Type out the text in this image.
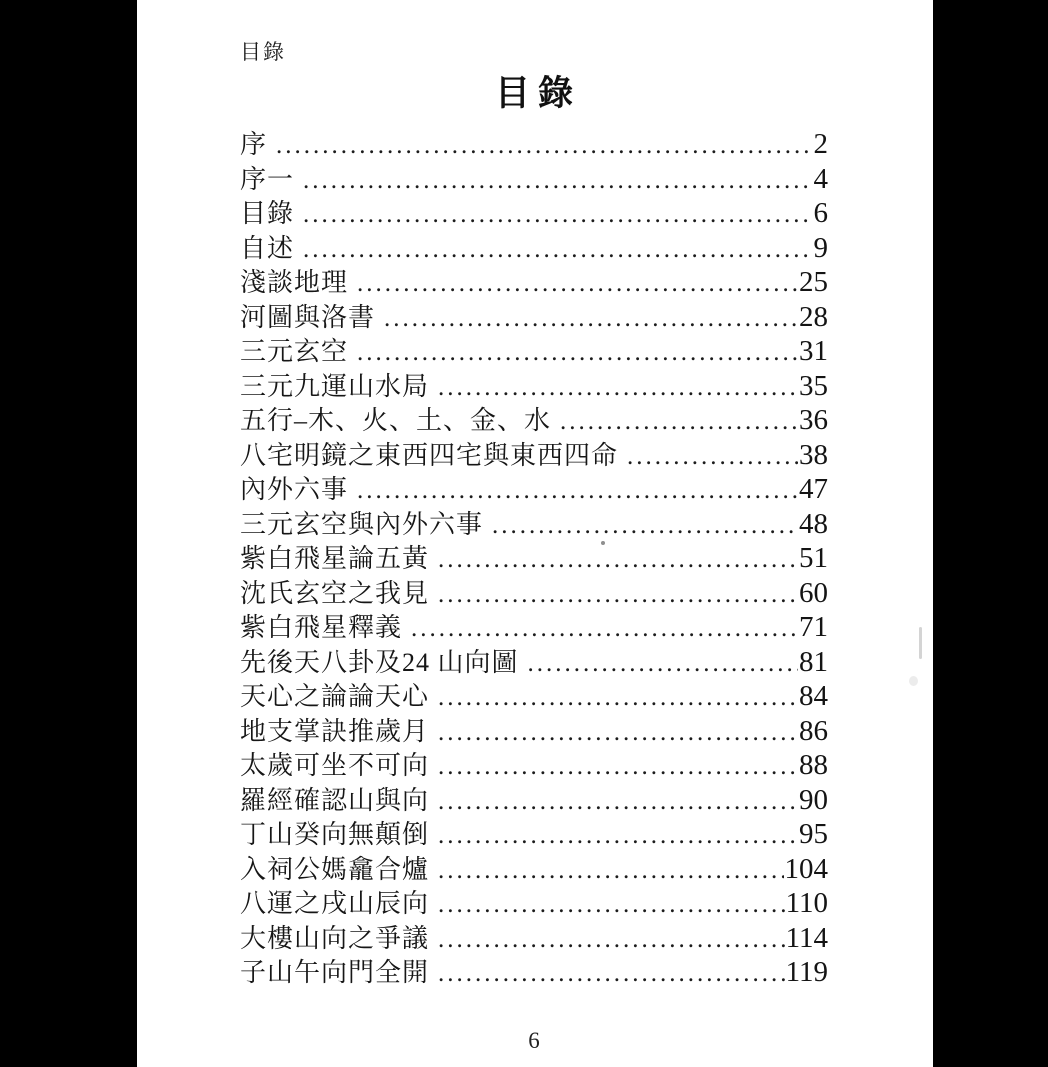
目錄
目錄
序 .....	2
序一 .....	4
目錄 .....	6
自述 .....	9
淺談地理 .....	25
河圖與洛書 .....	28
三元玄空 .....	31
三元九運山水局 .....	35
五行–木、火、土、金、水 .....	36
八宅明鏡之東西四宅與東西四命 .....	38
內外六事 .....	47
三元玄空與內外六事 .....	48
紫白飛星論五黃 .....	51
沈氏玄空之我見 .....	60
紫白飛星釋義 .....	71
先後天八卦及24 山向圖 .....	81
天心之論論天心 .....	84
地支掌訣推歲月 .....	86
太歲可坐不可向 .....	88
羅經確認山與向 .....	90
丁山癸向無顛倒 .....	95
入祠公媽龕合爐 .....	104
八運之戌山辰向 .....	110
大樓山向之爭議 .....	114
子山午向門全開 .....	119
6
